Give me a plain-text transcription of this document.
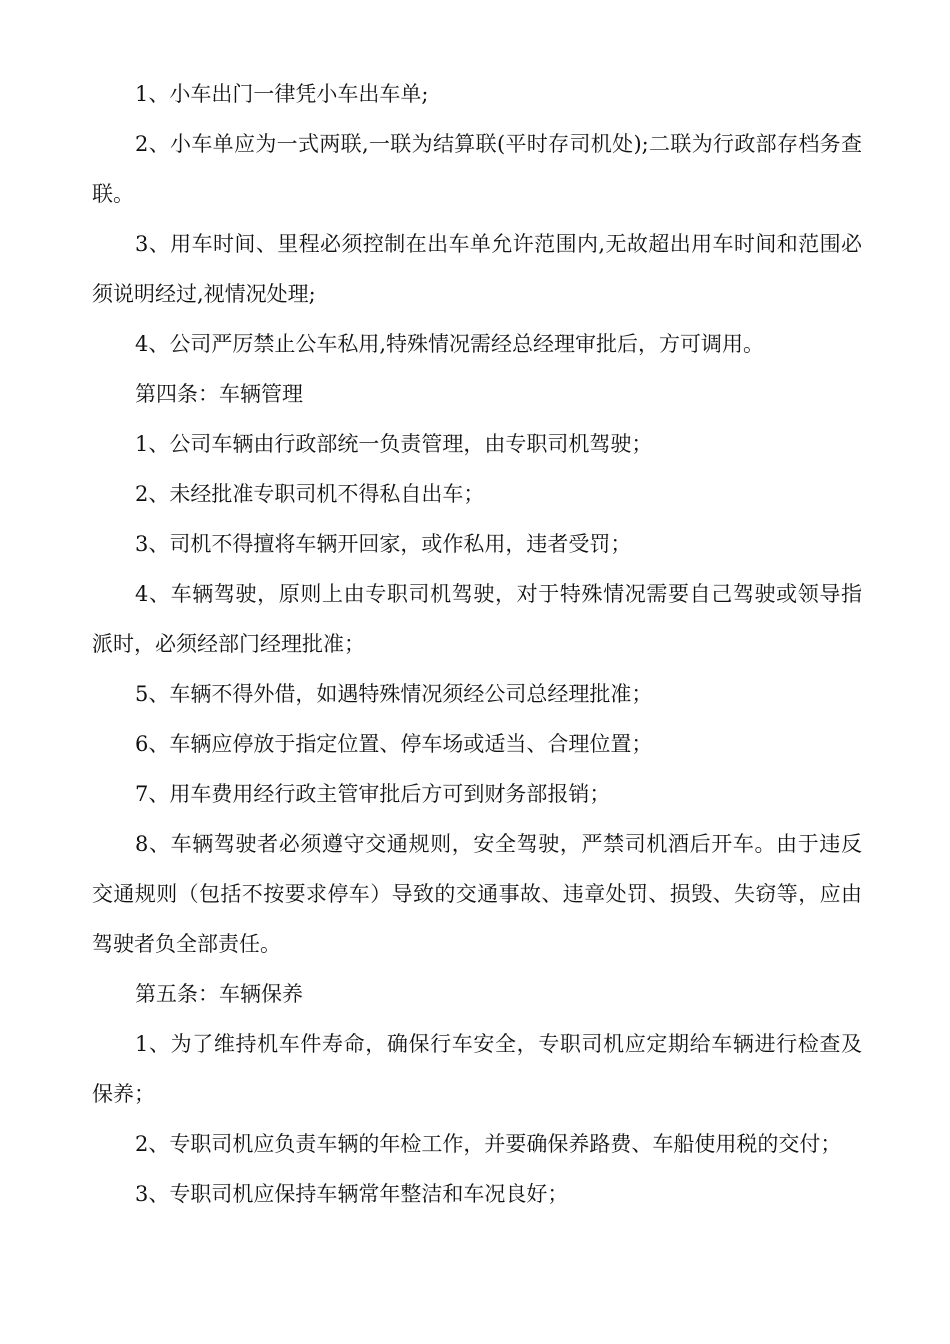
1、小车出门一律凭小车出车单;

2、小车单应为一式两联,一联为结算联(平时存司机处);二联为行政部存档务查联。

3、用车时间、里程必须控制在出车单允许范围内,无故超出用车时间和范围必须说明经过,视情况处理;

4、公司严厉禁止公车私用,特殊情况需经总经理审批后，方可调用。

第四条：车辆管理

1、公司车辆由行政部统一负责管理，由专职司机驾驶；

2、未经批准专职司机不得私自出车；

3、司机不得擅将车辆开回家，或作私用，违者受罚；

4、车辆驾驶，原则上由专职司机驾驶，对于特殊情况需要自己驾驶或领导指派时，必须经部门经理批准；

5、车辆不得外借，如遇特殊情况须经公司总经理批准；

6、车辆应停放于指定位置、停车场或适当、合理位置；

7、用车费用经行政主管审批后方可到财务部报销；

8、车辆驾驶者必须遵守交通规则，安全驾驶，严禁司机酒后开车。由于违反交通规则（包括不按要求停车）导致的交通事故、违章处罚、损毁、失窃等，应由驾驶者负全部责任。

第五条：车辆保养

1、为了维持机车件寿命，确保行车安全，专职司机应定期给车辆进行检查及保养；

2、专职司机应负责车辆的年检工作，并要确保养路费、车船使用税的交付；

3、专职司机应保持车辆常年整洁和车况良好；
